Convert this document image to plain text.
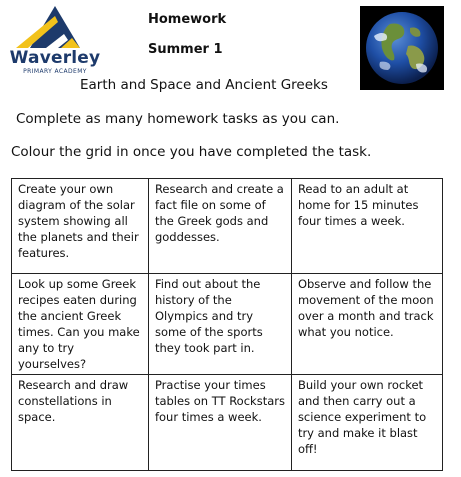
Waverley
PRIMARY ACADEMY
Homework
Summer 1
Earth and Space and Ancient Greeks
Complete as many homework tasks as you can.
Colour the grid in once you have completed the task.
Create your own diagram of the solar system showing all the planets and their features.	Research and create a fact file on some of the Greek gods and goddesses.	Read to an adult at home for 15 minutes four times a week.
Look up some Greek recipes eaten during the ancient Greek times. Can you make any to try yourselves?	Find out about the history of the Olympics and try some of the sports they took part in.	Observe and follow the movement of the moon over a month and track what you notice.
Research and draw constellations in space.	Practise your times tables on TT Rockstars four times a week.	Build your own rocket and then carry out a science experiment to try and make it blast off!
